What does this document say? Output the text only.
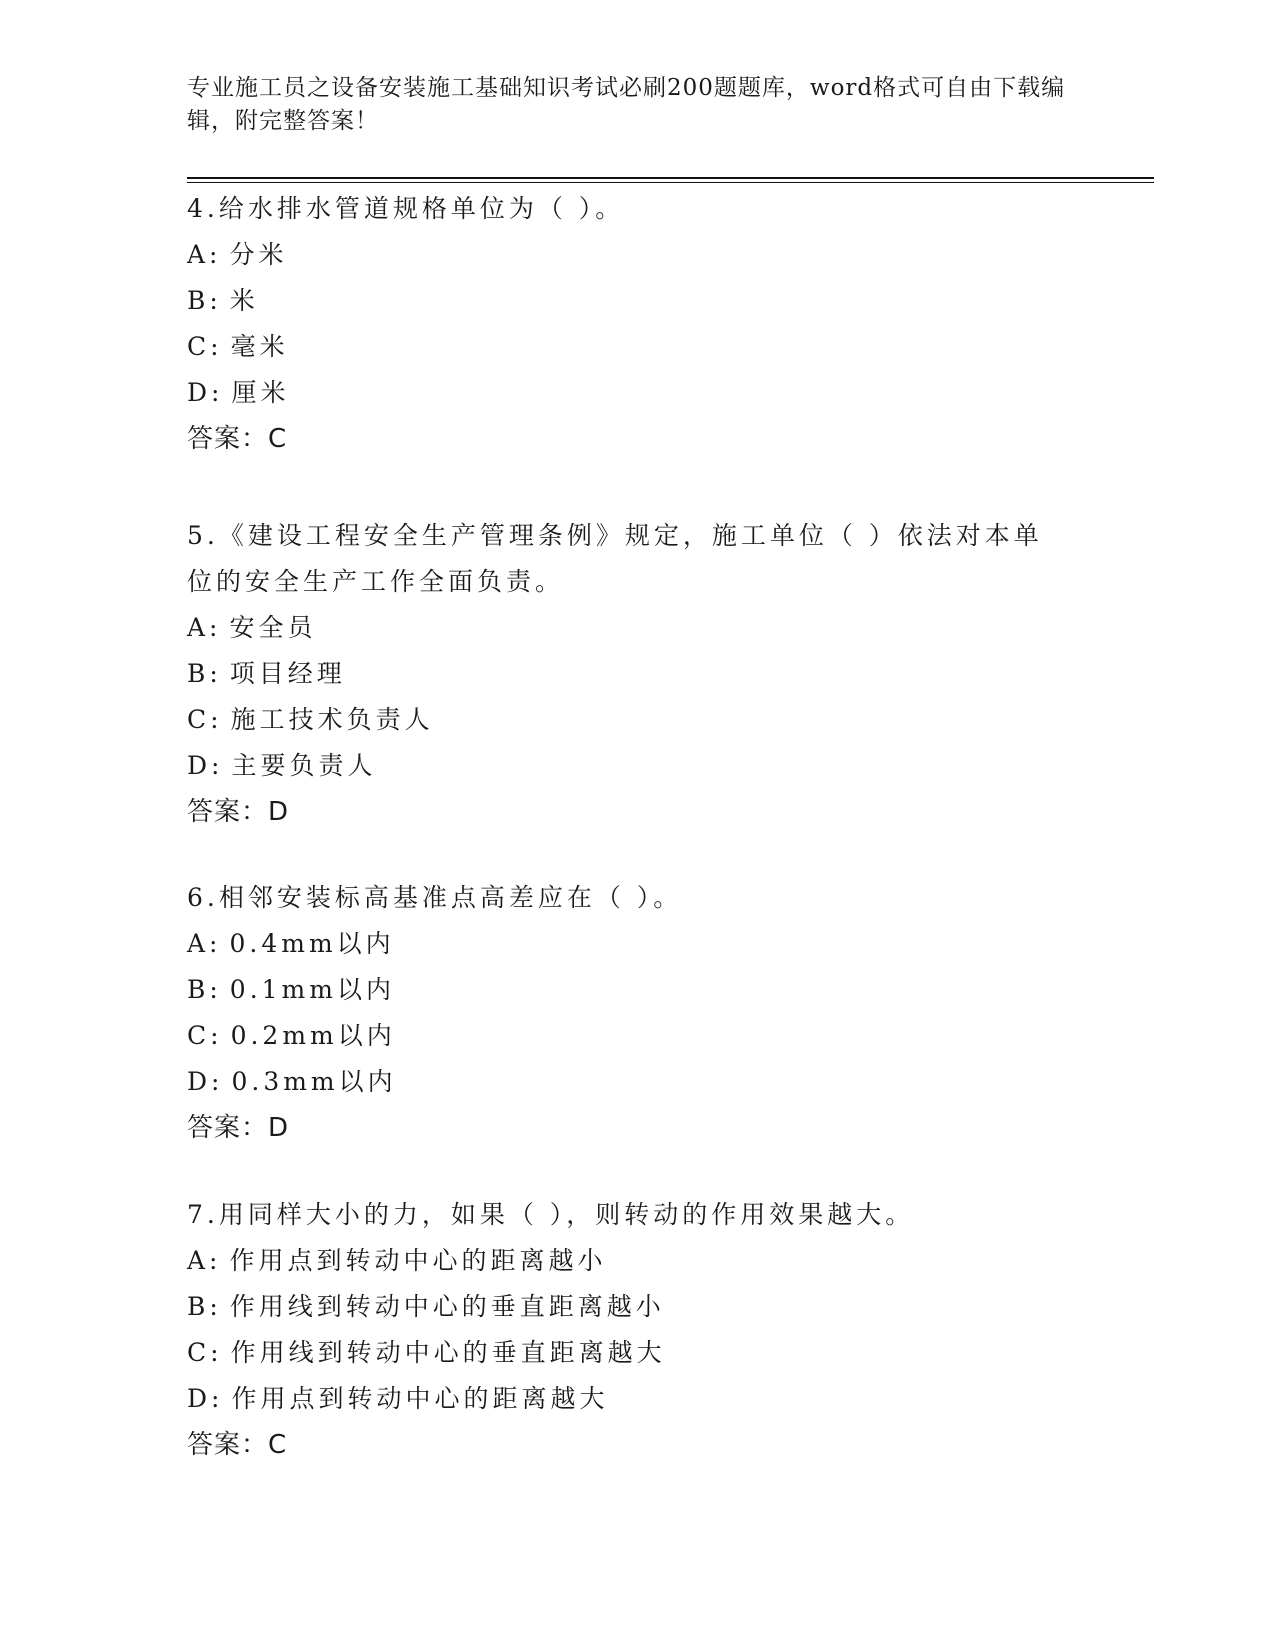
专业施工员之设备安装施工基础知识考试必刷200题题库，word格式可自由下载编辑，附完整答案！

4.给水排水管道规格单位为（ ）。

A: 分米

B: 米

C: 毫米

D: 厘米

答案：C

5.《建设工程安全生产管理条例》规定，施工单位（ ）依法对本单位的安全生产工作全面负责。

A: 安全员

B: 项目经理

C: 施工技术负责人

D: 主要负责人

答案：D

6.相邻安装标高基准点高差应在（ ）。

A: 0.4mm以内

B: 0.1mm以内

C: 0.2mm以内

D: 0.3mm以内

答案：D

7.用同样大小的力，如果（ ），则转动的作用效果越大。

A: 作用点到转动中心的距离越小

B: 作用线到转动中心的垂直距离越小

C: 作用线到转动中心的垂直距离越大

D: 作用点到转动中心的距离越大

答案：C
